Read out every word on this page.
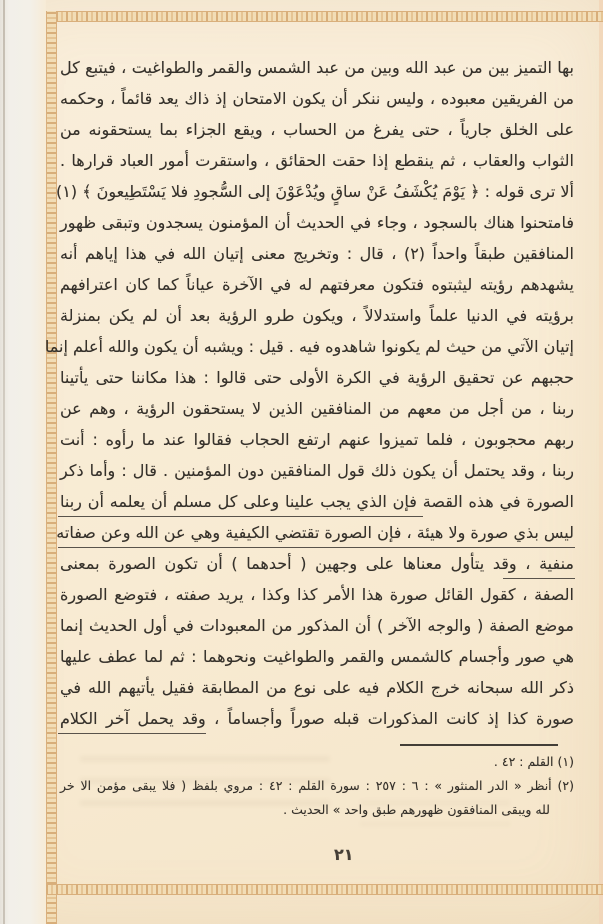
بها التميز بين من عبد الله وبين من عبد الشمس والقمر والطواغيت ، فيتبع كل
من الفريقين معبوده ، وليس ننكر أن يكون الامتحان إذ ذاك يعد قائماً ، وحكمه
على الخلق جارياً ، حتى يفرغ من الحساب ، ويقع الجزاء بما يستحقونه من
الثواب والعقاب ، ثم ينقطع إذا حقت الحقائق ، واستقرت أمور العباد قرارها .
ألا ترى قوله : ﴿ يَوْمَ يُكْشَفُ عَنْ ساقٍ ويُدْعَوْنَ إلى السُّجودِ فلا يَسْتَطِيعونَ ﴾ (١)
فامتحنوا هناك بالسجود ، وجاء في الحديث أن المؤمنون يسجدون وتبقى ظهور
المنافقين طبقاً واحداً (٢) ، قال : وتخريج معنى إتيان الله في هذا إياهم أنه
يشهدهم رؤيته ليثبتوه فتكون معرفتهم له في الآخرة عياناً كما كان اعترافهم
برؤيته في الدنيا علماً واستدلالاً ، ويكون طرو الرؤية بعد أن لم يكن بمنزلة
إتيان الآتي من حيث لم يكونوا شاهدوه فيه . قيل : ويشبه أن يكون والله أعلم إنما
حجبهم عن تحقيق الرؤية في الكرة الأولى حتى قالوا : هذا مكاننا حتى يأتينا
ربنا ، من أجل من معهم من المنافقين الذين لا يستحقون الرؤية ، وهم عن
ربهم محجوبون ، فلما تميزوا عنهم ارتفع الحجاب فقالوا عند ما رأوه : أنت
ربنا ، وقد يحتمل أن يكون ذلك قول المنافقين دون المؤمنين . قال : وأما ذكر
الصورة في هذه القصة فإن الذي يجب علينا وعلى كل مسلم أن يعلمه أن ربنا
ليس بذي صورة ولا هيئة ، فإن الصورة تقتضي الكيفية وهي عن الله وعن صفاته
منفية ، وقد يتأول معناها على وجهين ( أحدهما ) أن تكون الصورة بمعنى
الصفة ، كقول القائل صورة هذا الأمر كذا وكذا ، يريد صفته ، فتوضع الصورة
موضع الصفة ( والوجه الآخر ) أن المذكور من المعبودات في أول الحديث إنما
هي صور وأجسام كالشمس والقمر والطواغيت ونحوهما : ثم لما عطف عليها
ذكر الله سبحانه خرج الكلام فيه على نوع من المطابقة فقيل يأتيهم الله في
صورة كذا إذ كانت المذكورات قبله صوراً وأجساماً ، وقد يحمل آخر الكلام
(١) القلم : ٤٢ .
(٢) أنظر « الدر المنثور » : ٦ : ٢٥٧ : سورة القلم : ٤٢ : مروي بلفظ ( فلا يبقى مؤمن الا خر
لله ويبقى المنافقون ظهورهم طبق واحد » الحديث .
٢١
